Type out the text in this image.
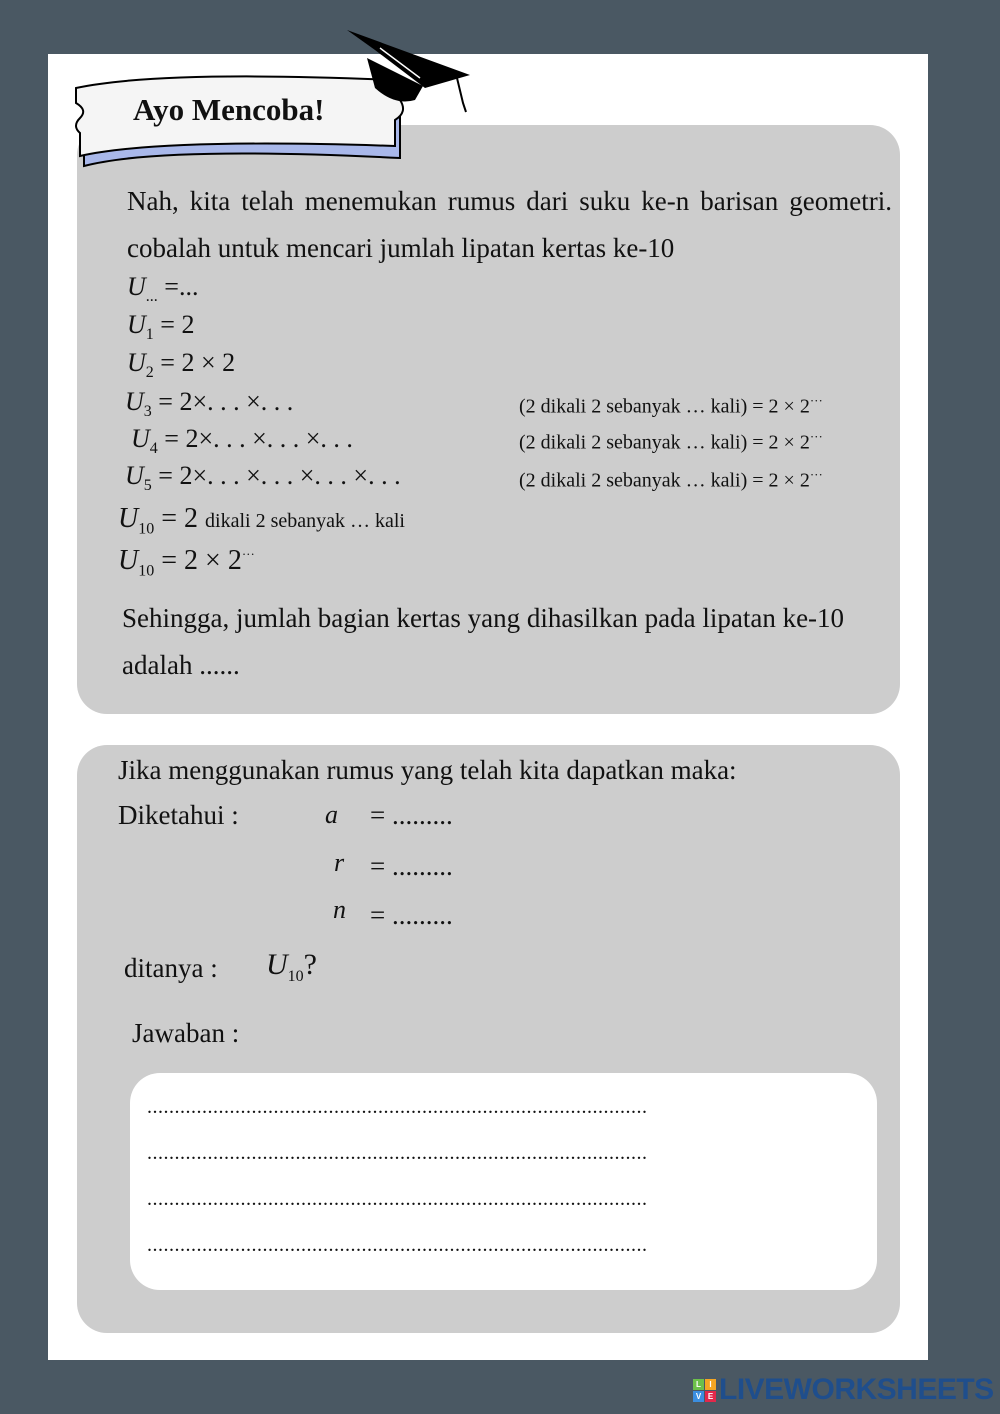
Ayo Mencoba!
Nah, kita telah menemukan rumus dari suku ke-n barisan geometri. cobalah untuk mencari jumlah lipatan kertas ke-10
$U_{...}$ =...
$U_1 = 2$
$U_2 = 2 \times 2$
$U_3 = 2\times$. . . ×. . .
$U_4 = 2\times$. . . ×. . . ×. . .
$U_5 = 2\times$. . . ×. . . ×. . . ×. . .
(2 dikali 2 sebanyak … kali) = 2 × 2···
(2 dikali 2 sebanyak … kali) = 2 × 2···
(2 dikali 2 sebanyak … kali) = 2 × 2···
$U_{10} = 2$ dikali 2 sebanyak … kali
$U_{10} = 2 \times 2^{\cdot\cdot\cdot}$
Sehingga, jumlah bagian kertas yang dihasilkan pada lipatan ke-10 adalah ......
Jika menggunakan rumus yang telah kita dapatkan maka:
Diketahui :	a = .........
r = .........
n = .........
ditanya : $U_{10}$?
Jawaban :
...........................................................................................
...........................................................................................
...........................................................................................
...........................................................................................
L	I
V E LIVEWORKSHEETS
